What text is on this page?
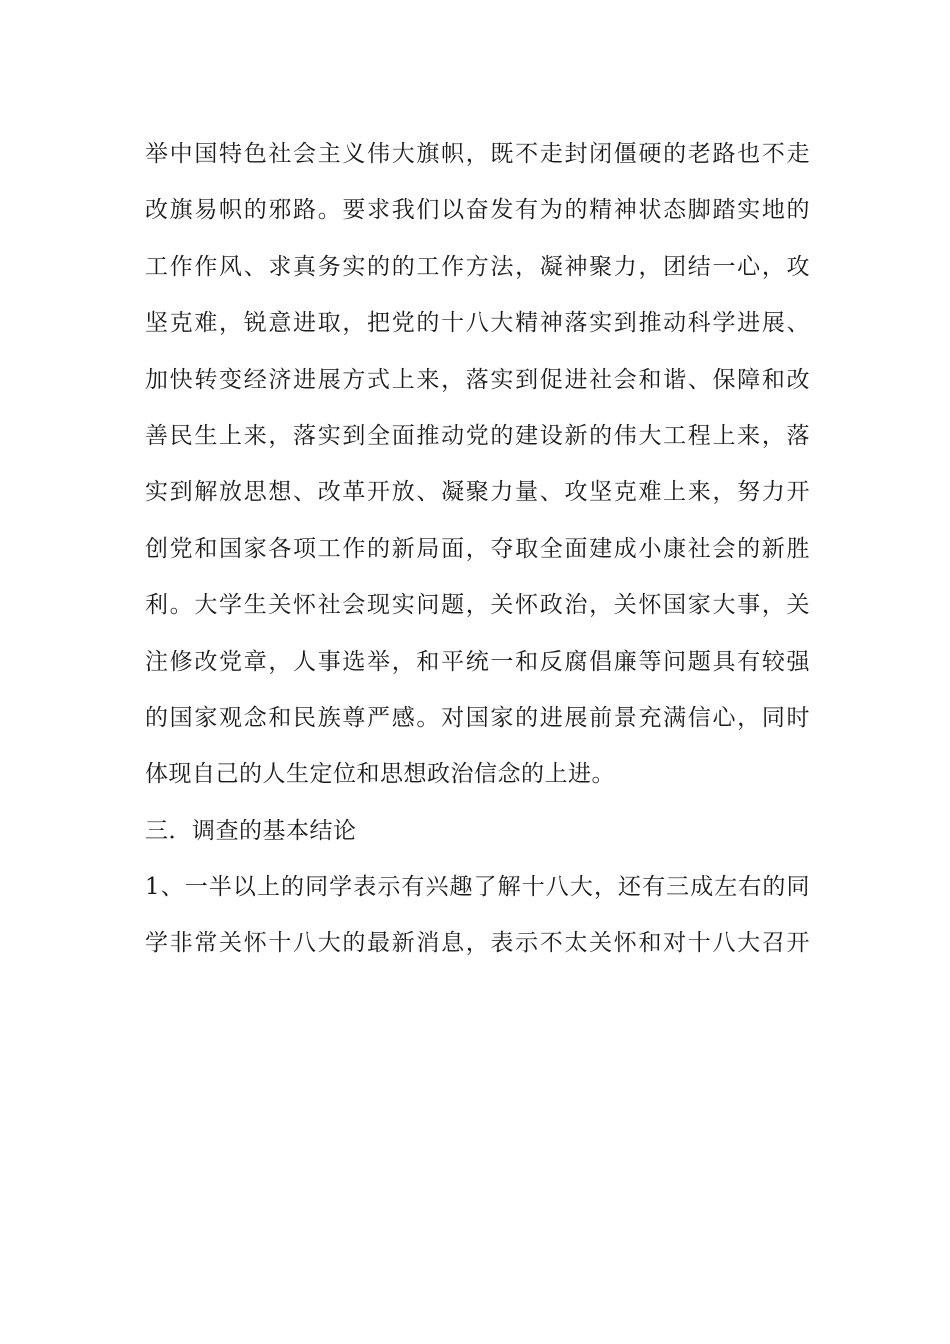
举中国特色社会主义伟大旗帜，既不走封闭僵硬的老路也不走
改旗易帜的邪路。要求我们以奋发有为的精神状态脚踏实地的
工作作风、求真务实的的工作方法，凝神聚力，团结一心，攻
坚克难，锐意进取，把党的十八大精神落实到推动科学进展、
加快转变经济进展方式上来，落实到促进社会和谐、保障和改
善民生上来，落实到全面推动党的建设新的伟大工程上来，落
实到解放思想、改革开放、凝聚力量、攻坚克难上来，努力开
创党和国家各项工作的新局面，夺取全面建成小康社会的新胜
利。大学生关怀社会现实问题，关怀政治，关怀国家大事，关
注修改党章，人事选举，和平统一和反腐倡廉等问题具有较强
的国家观念和民族尊严感。对国家的进展前景充满信心，同时
体现自己的人生定位和思想政治信念的上进。
三．调查的基本结论
1、一半以上的同学表示有兴趣了解十八大，还有三成左右的同
学非常关怀十八大的最新消息，表示不太关怀和对十八大召开
